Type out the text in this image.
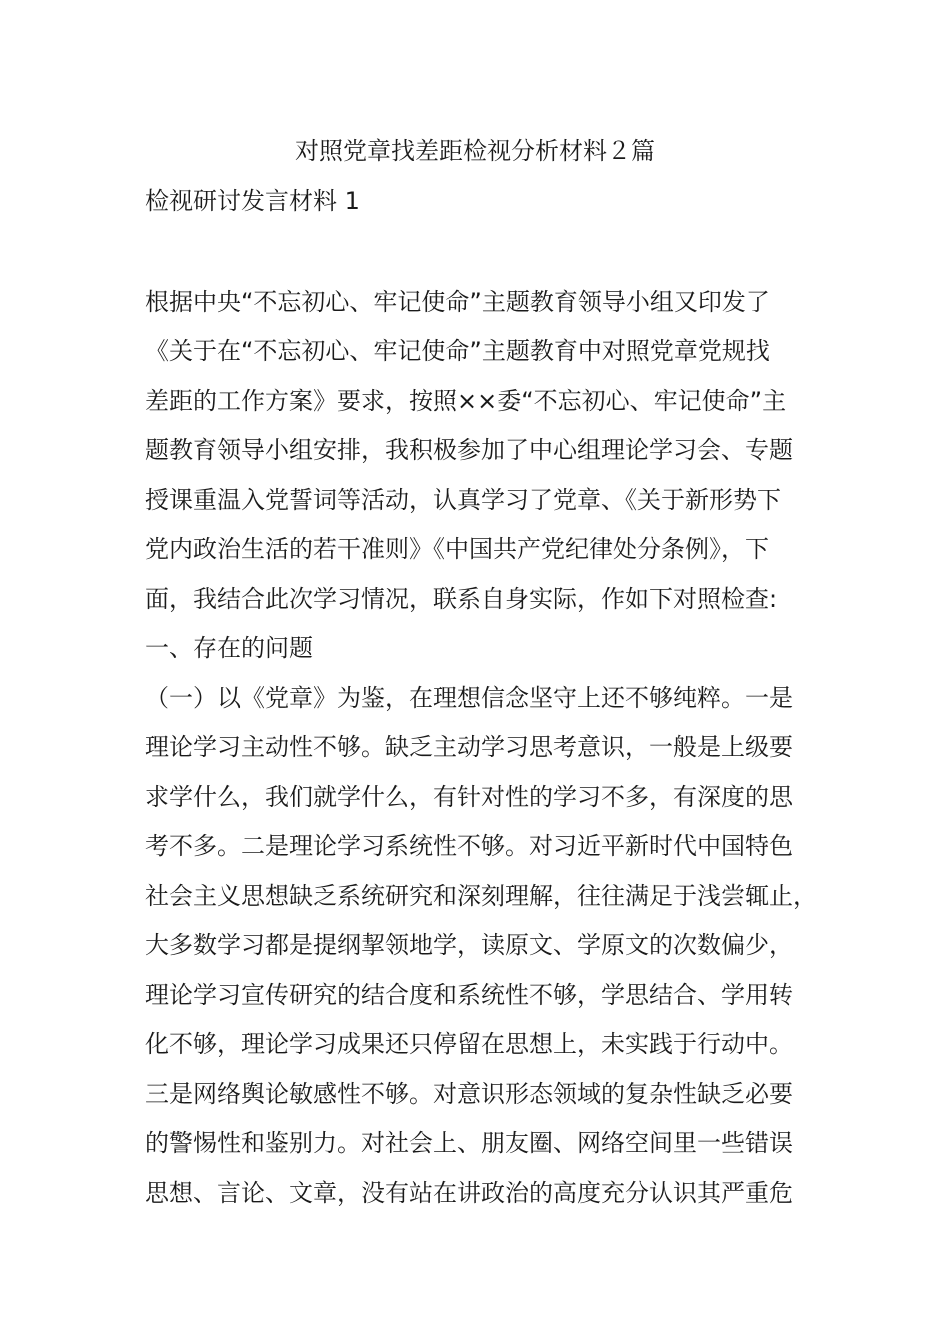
对照党章找差距检视分析材料２篇
检视研讨发言材料 1
根据中央“不忘初心、牢记使命”主题教育领导小组又印发了
《关于在“不忘初心、牢记使命”主题教育中对照党章党规找
差距的工作方案》要求，按照××委“不忘初心、牢记使命”主
题教育领导小组安排，我积极参加了中心组理论学习会、专题
授课重温入党誓词等活动，认真学习了党章、《关于新形势下
党内政治生活的若干准则》《中国共产党纪律处分条例》，下
面，我结合此次学习情况，联系自身实际，作如下对照检查:
一、存在的问题
（一）以《党章》为鉴，在理想信念坚守上还不够纯粹。一是
理论学习主动性不够。缺乏主动学习思考意识，一般是上级要
求学什么，我们就学什么，有针对性的学习不多，有深度的思
考不多。二是理论学习系统性不够。对习近平新时代中国特色
社会主义思想缺乏系统研究和深刻理解，往往满足于浅尝辄止，
大多数学习都是提纲挈领地学，读原文、学原文的次数偏少，
理论学习宣传研究的结合度和系统性不够，学思结合、学用转
化不够，理论学习成果还只停留在思想上，未实践于行动中。
三是网络舆论敏感性不够。对意识形态领域的复杂性缺乏必要
的警惕性和鉴别力。对社会上、朋友圈、网络空间里一些错误
思想、言论、文章，没有站在讲政治的高度充分认识其严重危
